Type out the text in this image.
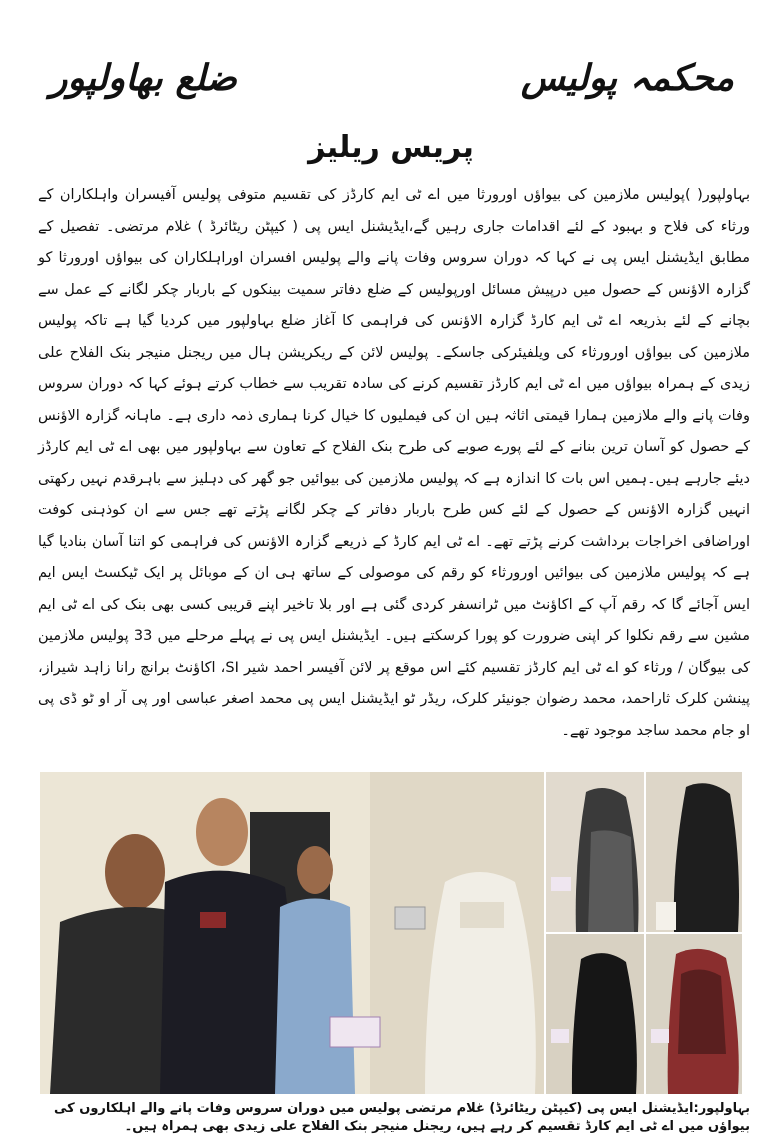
محکمہ پولیس
ضلع بھاولپور
پریس ریلیز

بہاولپور( )پولیس ملازمین کی بیواؤں اورورثا میں اے ٹی ایم کارڈز کی تقسیم متوفی پولیس آفیسران واہلکاران کے ورثاء کی فلاح و بہبود کے لئے اقدامات جاری رہیں گے،ایڈیشنل ایس پی ( کیپٹن ریٹائرڈ ) غلام مرتضی۔ تفصیل کے مطابق ایڈیشنل ایس پی نے کہا کہ دوران سروس وفات پانے والے پولیس افسران اوراہلکاران کی بیواؤں اورورثا کو گزارہ الاؤنس کے حصول میں درپیش مسائل اورپولیس کے ضلع دفاتر سمیت بینکوں کے باربار چکر لگانے کے عمل سے بچانے کے لئے بذریعہ اے ٹی ایم کارڈ گزارہ الاؤنس کی فراہمی کا آغاز ضلع بہاولپور میں کردیا گیا ہے تاکہ پولیس ملازمین کی بیواؤں اورورثاء کی ویلفیئرکی جاسکے۔ پولیس لائن کے ریکریشن ہال میں ریجنل منیجر بنک الفلاح علی زیدی کے ہمراہ بیواؤں میں اے ٹی ایم کارڈز تقسیم کرنے کی سادہ تقریب سے خطاب کرتے ہوئے کہا کہ دوران سروس وفات پانے والے ملازمین ہمارا قیمتی اثاثہ ہیں ان کی فیملیوں کا خیال کرنا ہماری ذمہ داری ہے۔ ماہانہ گزارہ الاؤنس کے حصول کو آسان ترین بنانے کے لئے پورے صوبے کی طرح بنک الفلاح کے تعاون سے بہاولپور میں بھی اے ٹی ایم کارڈز دیئے جارہے ہیں۔ہمیں اس بات کا اندازہ ہے کہ پولیس ملازمین کی بیوائیں جو گھر کی دہلیز سے باہرقدم نہیں رکھتی انہیں گزارہ الاؤنس کے حصول کے لئے کس طرح باربار دفاتر کے چکر لگانے پڑتے تھے جس سے ان کوذہنی کوفت اوراضافی اخراجات برداشت کرنے پڑتے تھے۔ اے ٹی ایم کارڈ کے ذریعے گزارہ الاؤنس کی فراہمی کو اتنا آسان بنادیا گیا ہے کہ پولیس ملازمین کی بیوائیں اورورثاء کو رقم کی موصولی کے ساتھ ہی ان کے موبائل پر ایک ٹیکسٹ ایس ایم ایس آجائے گا کہ رقم آپ کے اکاؤنٹ میں ٹرانسفر کردی گئی ہے اور بلا تاخیر اپنے قریبی کسی بھی بنک کی اے ٹی ایم مشین سے رقم نکلوا کر اپنی ضرورت کو پورا کرسکتے ہیں۔ ایڈیشنل ایس پی نے پہلے مرحلے میں 33 پولیس ملازمین کی بیوگان / ورثاء کو اے ٹی ایم کارڈز تقسیم کئے اس موقع پر لائن آفیسر احمد شیر SI، اکاؤنٹ برانچ رانا زاہد شیراز، پینشن کلرک ثاراحمد، محمد رضوان جونیئر کلرک، ریڈر ٹو ایڈیشنل ایس پی محمد اصغر عباسی اور پی آر او ٹو ڈی پی او جام محمد ساجد موجود تھے۔

بہاولپور:ایڈیشنل ایس پی (کیپٹن ریٹائرڈ) غلام مرتضی پولیس میں دوران سروس وفات پانے والے اہلکاروں کی بیواؤں میں اے ٹی ایم کارڈ تقسیم کر رہے ہیں، ریجنل منیجر بنک الفلاح علی زیدی بھی ہمراہ ہیں۔
